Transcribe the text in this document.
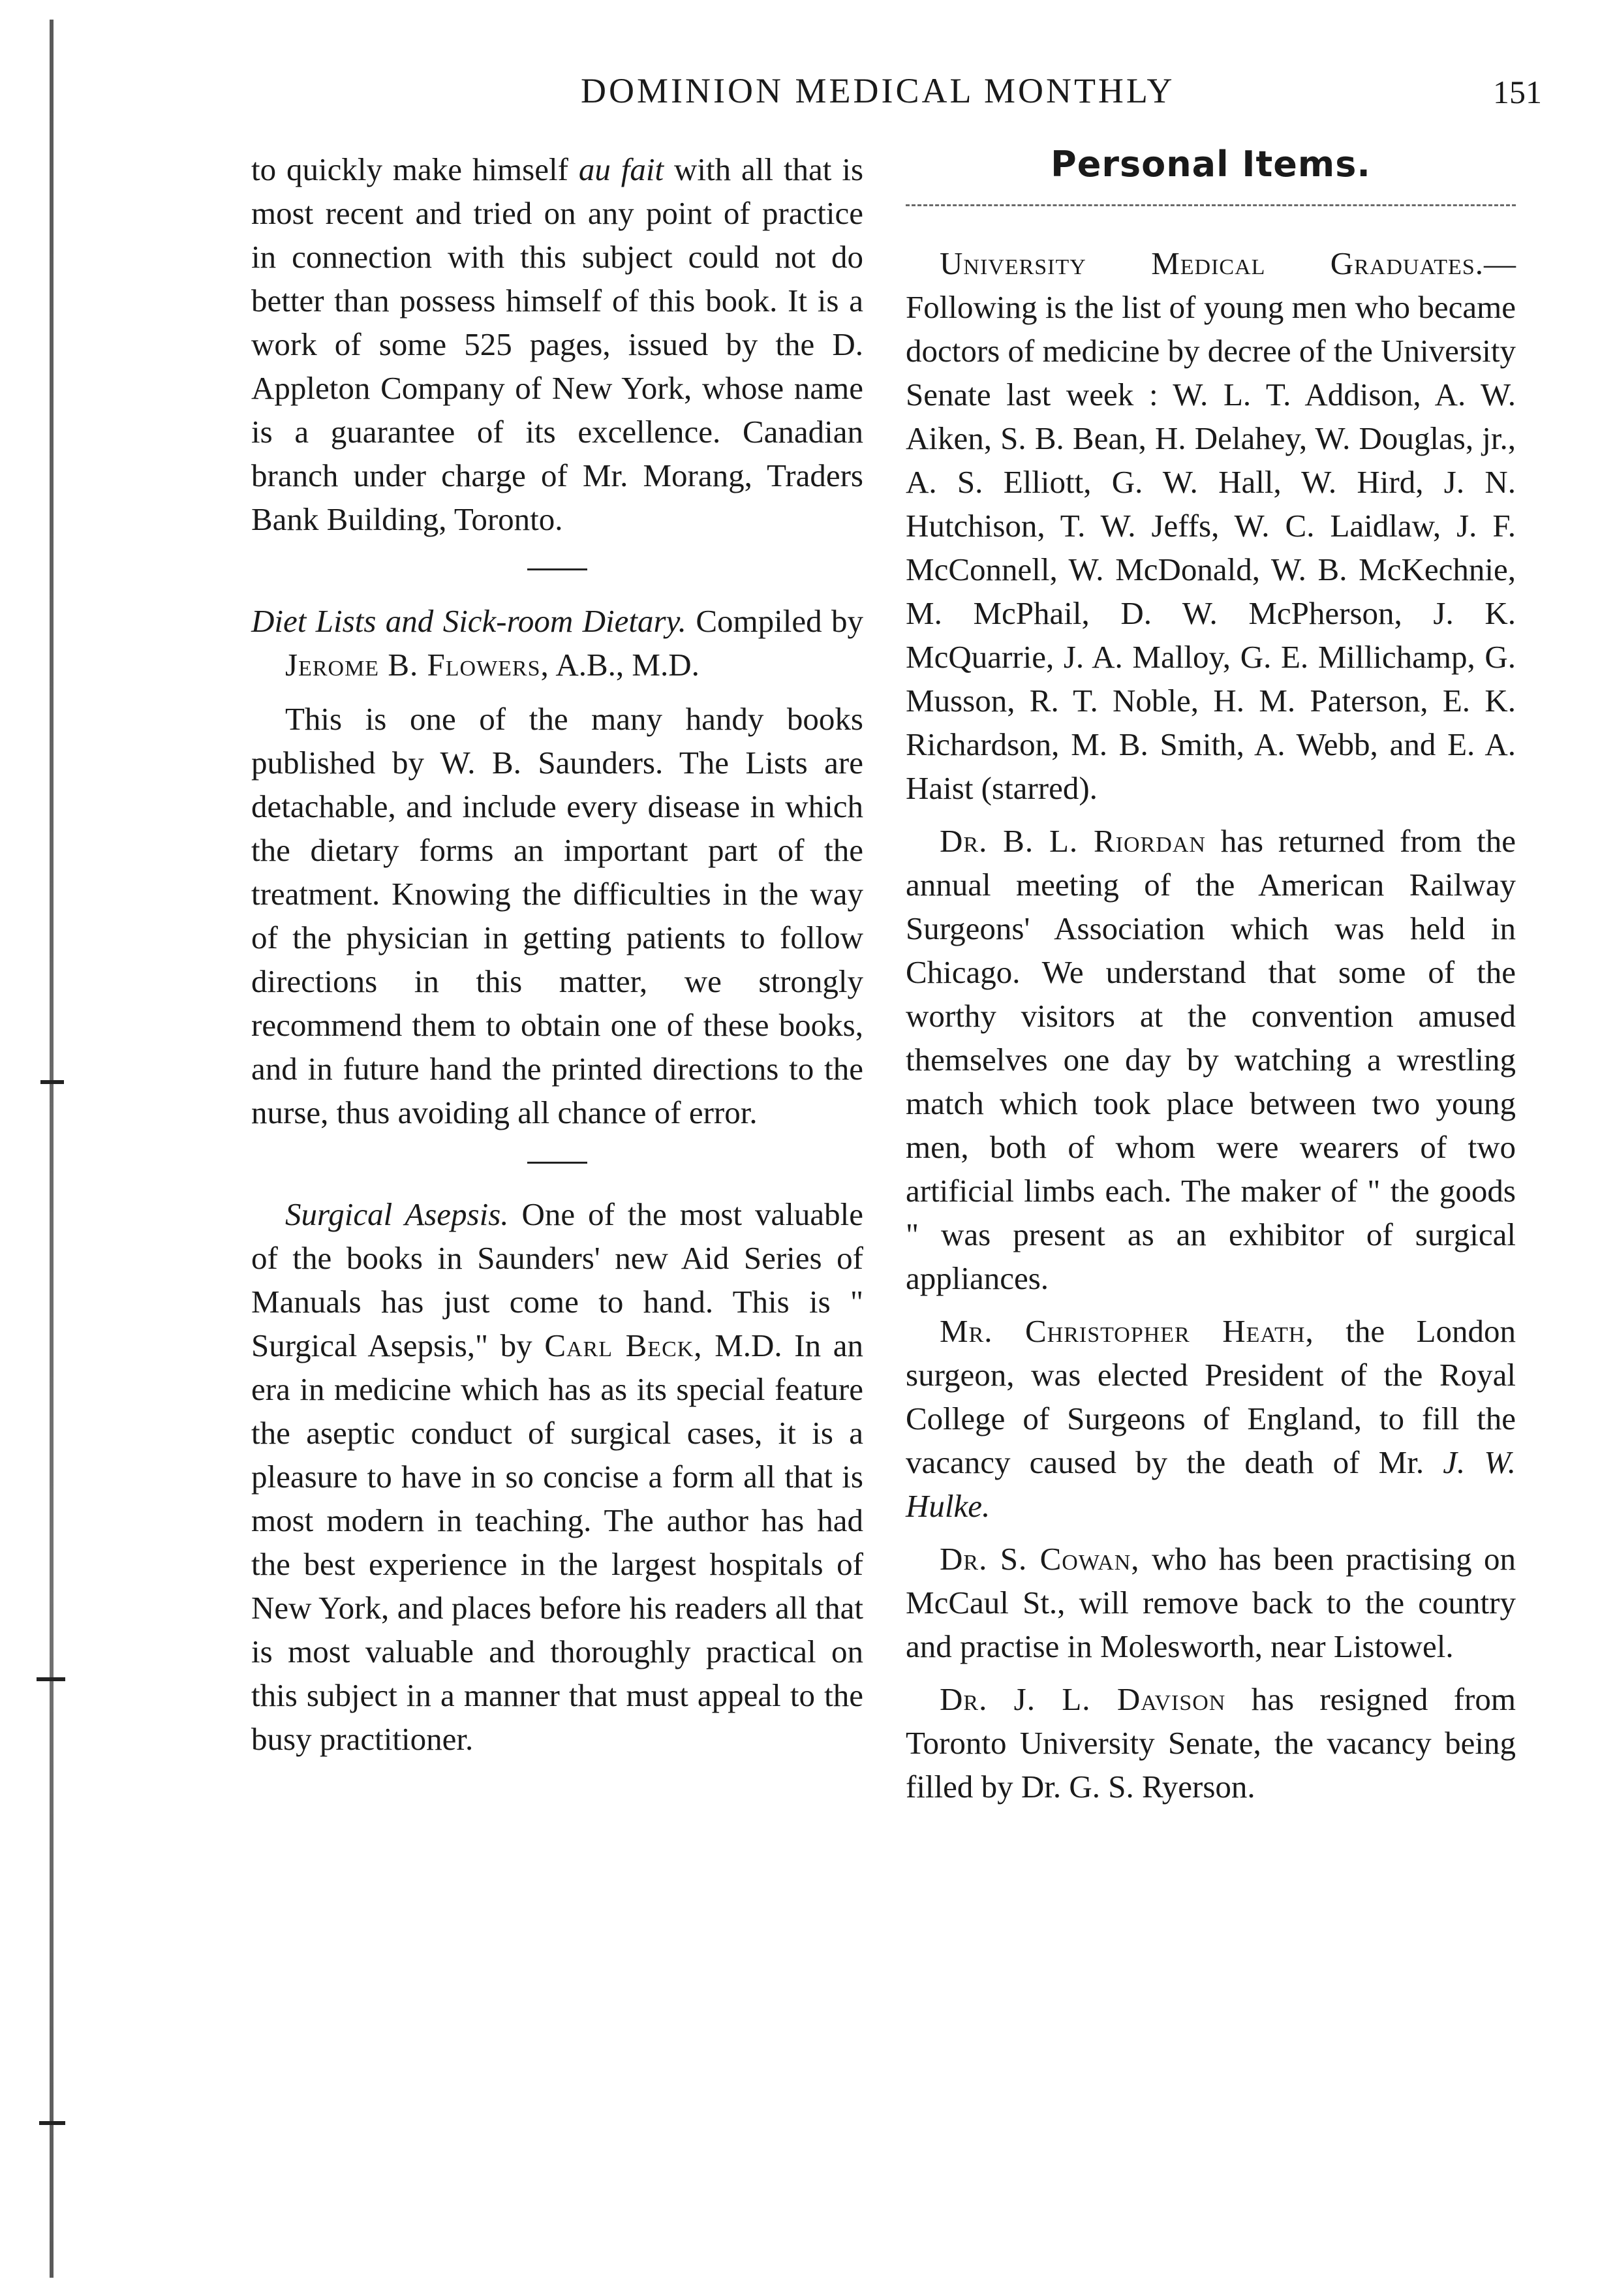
DOMINION MEDICAL MONTHLY	151

to quickly make himself au fait with all that is most recent and tried on any point of practice in connection with this subject could not do better than possess himself of this book. It is a work of some 525 pages, issued by the D. Appleton Company of New York, whose name is a guarantee of its excellence. Canadian branch under charge of Mr. Morang, Traders Bank Building, Toronto.

Diet Lists and Sick-room Dietary. Compiled by Jerome B. Flowers, A.B., M.D.

This is one of the many handy books published by W. B. Saunders. The Lists are detachable, and include every disease in which the dietary forms an important part of the treatment. Knowing the difficulties in the way of the physician in getting patients to follow directions in this matter, we strongly recommend them to obtain one of these books, and in future hand the printed directions to the nurse, thus avoiding all chance of error.

Surgical Asepsis. One of the most valuable of the books in Saunders' new Aid Series of Manuals has just come to hand. This is " Surgical Asepsis," by Carl Beck, M.D. In an era in medicine which has as its special feature the aseptic conduct of surgical cases, it is a pleasure to have in so concise a form all that is most modern in teaching. The author has had the best experience in the largest hospitals of New York, and places before his readers all that is most valuable and thoroughly practical on this subject in a manner that must appeal to the busy practitioner.

Personal Items.

University Medical Graduates.—Following is the list of young men who became doctors of medicine by decree of the University Senate last week : W. L. T. Addison, A. W. Aiken, S. B. Bean, H. Delahey, W. Douglas, jr., A. S. Elliott, G. W. Hall, W. Hird, J. N. Hutchison, T. W. Jeffs, W. C. Laidlaw, J. F. McConnell, W. McDonald, W. B. McKechnie, M. McPhail, D. W. McPherson, J. K. McQuarrie, J. A. Malloy, G. E. Millichamp, G. Musson, R. T. Noble, H. M. Paterson, E. K. Richardson, M. B. Smith, A. Webb, and E. A. Haist (starred).

Dr. B. L. Riordan has returned from the annual meeting of the American Railway Surgeons' Association which was held in Chicago. We understand that some of the worthy visitors at the convention amused themselves one day by watching a wrestling match which took place between two young men, both of whom were wearers of two artificial limbs each. The maker of " the goods " was present as an exhibitor of surgical appliances.

Mr. Christopher Heath, the London surgeon, was elected President of the Royal College of Surgeons of England, to fill the vacancy caused by the death of Mr. J. W. Hulke.

Dr. S. Cowan, who has been practising on McCaul St., will remove back to the country and practise in Molesworth, near Listowel.

Dr. J. L. Davison has resigned from Toronto University Senate, the vacancy being filled by Dr. G. S. Ryerson.
